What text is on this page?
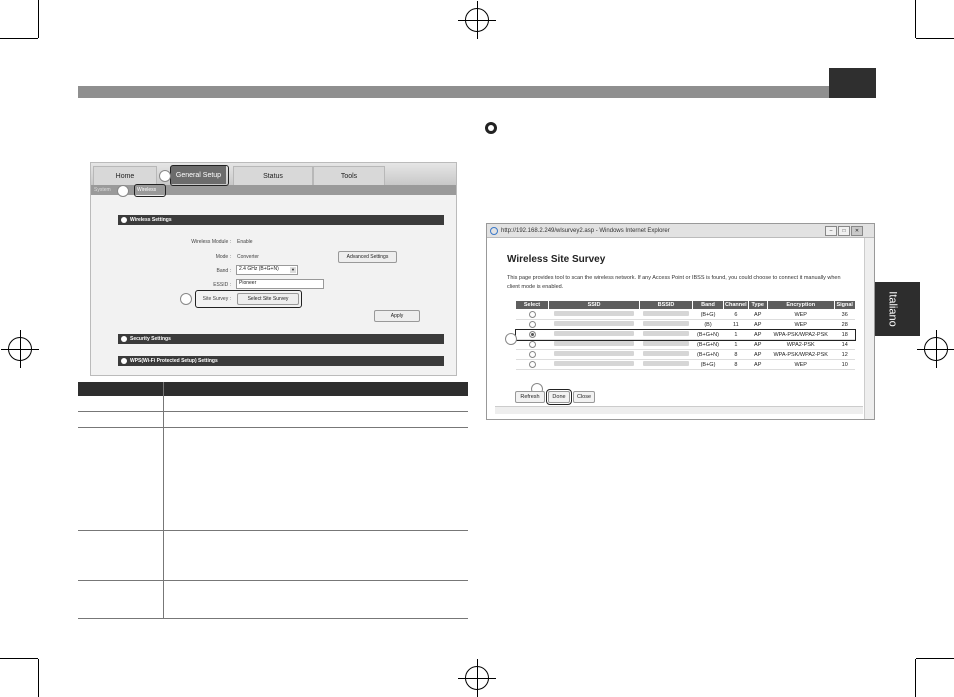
Italiano
Home	General Setup	Status	Tools
System	Wireless
Wireless Settings
Wireless Module : Enable
Mode : Converter	Advanced Settings
Band :	2.4 GHz (B+G+N)	▼
ESSID :	Pioneer
Site Survey :	Select Site Survey
Apply
Security Settings
WPS(Wi-Fi Protected Setup) Settings
http://192.168.2.249/wlsurvey2.asp - Windows Internet Explorer	–	□	✕
Wireless Site Survey
This page provides tool to scan the wireless network. If any Access Point or IBSS is found, you could choose to connect it manually when client mode is enabled.
Select	SSID	BSSID	Band	Channel	Type	Encryption	Signal
			(B+G)	6	AP	WEP	36
			(B)	11	AP	WEP	28
			(B+G+N)	1	AP	WPA-PSK/WPA2-PSK	18
			(B+G+N)	1	AP	WPA2-PSK	14
			(B+G+N)	8	AP	WPA-PSK/WPA2-PSK	12
			(B+G)	8	AP	WEP	10
Refresh	Done	Close
